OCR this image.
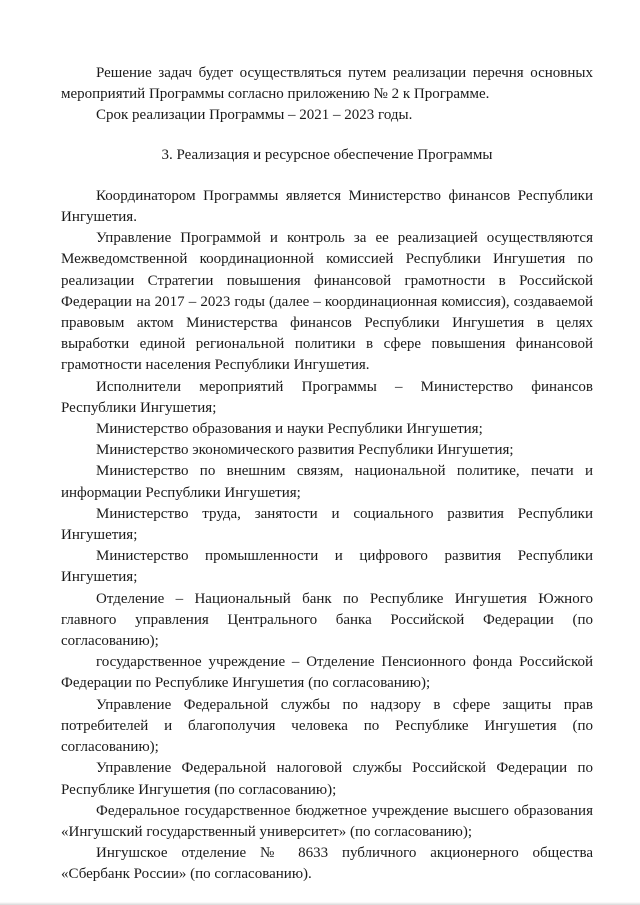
Решение задач будет осуществляться путем реализации перечня основных мероприятий Программы согласно приложению № 2 к Программе.

Срок реализации Программы – 2021 – 2023 годы.

3. Реализация и ресурсное обеспечение Программы

Координатором Программы является Министерство финансов Республики Ингушетия.

Управление Программой и контроль за ее реализацией осуществляются Межведомственной координационной комиссией Республики Ингушетия по реализации Стратегии повышения финансовой грамотности в Российской Федерации на 2017 – 2023 годы (далее – координационная комиссия), создаваемой правовым актом Министерства финансов Республики Ингушетия в целях выработки единой региональной политики в сфере повышения финансовой грамотности населения Республики Ингушетия.

Исполнители мероприятий Программы – Министерство финансов Республики Ингушетия;

Министерство образования и науки Республики Ингушетия;

Министерство экономического развития Республики Ингушетия;

Министерство по внешним связям, национальной политике, печати и информации Республики Ингушетия;

Министерство труда, занятости и социального развития Республики Ингушетия;

Министерство промышленности и цифрового развития Республики Ингушетия;

Отделение – Национальный банк по Республике Ингушетия Южного главного управления Центрального банка Российской Федерации (по согласованию);

государственное учреждение – Отделение Пенсионного фонда Российской Федерации по Республике Ингушетия (по согласованию);

Управление Федеральной службы по надзору в сфере защиты прав потребителей и благополучия человека по Республике Ингушетия (по согласованию);

Управление Федеральной налоговой службы Российской Федерации по Республике Ингушетия (по согласованию);

Федеральное государственное бюджетное учреждение высшего образования «Ингушский государственный университет» (по согласованию);

Ингушское отделение № 8633 публичного акционерного общества «Сбербанк России» (по согласованию).
